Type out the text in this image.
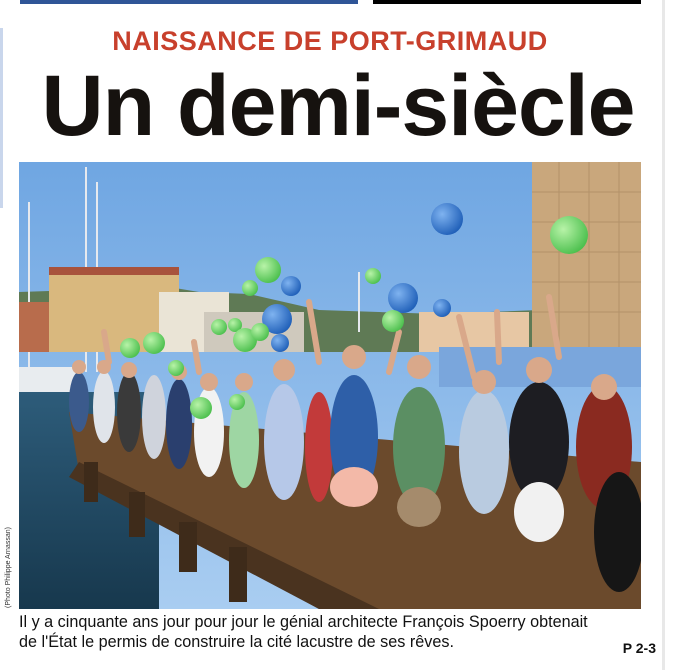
NAISSANCE DE PORT-GRIMAUD
Un demi-siècle
(Photo Philippe Arnassan)
Il y a cinquante ans jour pour jour le génial architecte François Spoerry obtenait
de l'État le permis de construire la cité lacustre de ses rêves.	P 2-3
